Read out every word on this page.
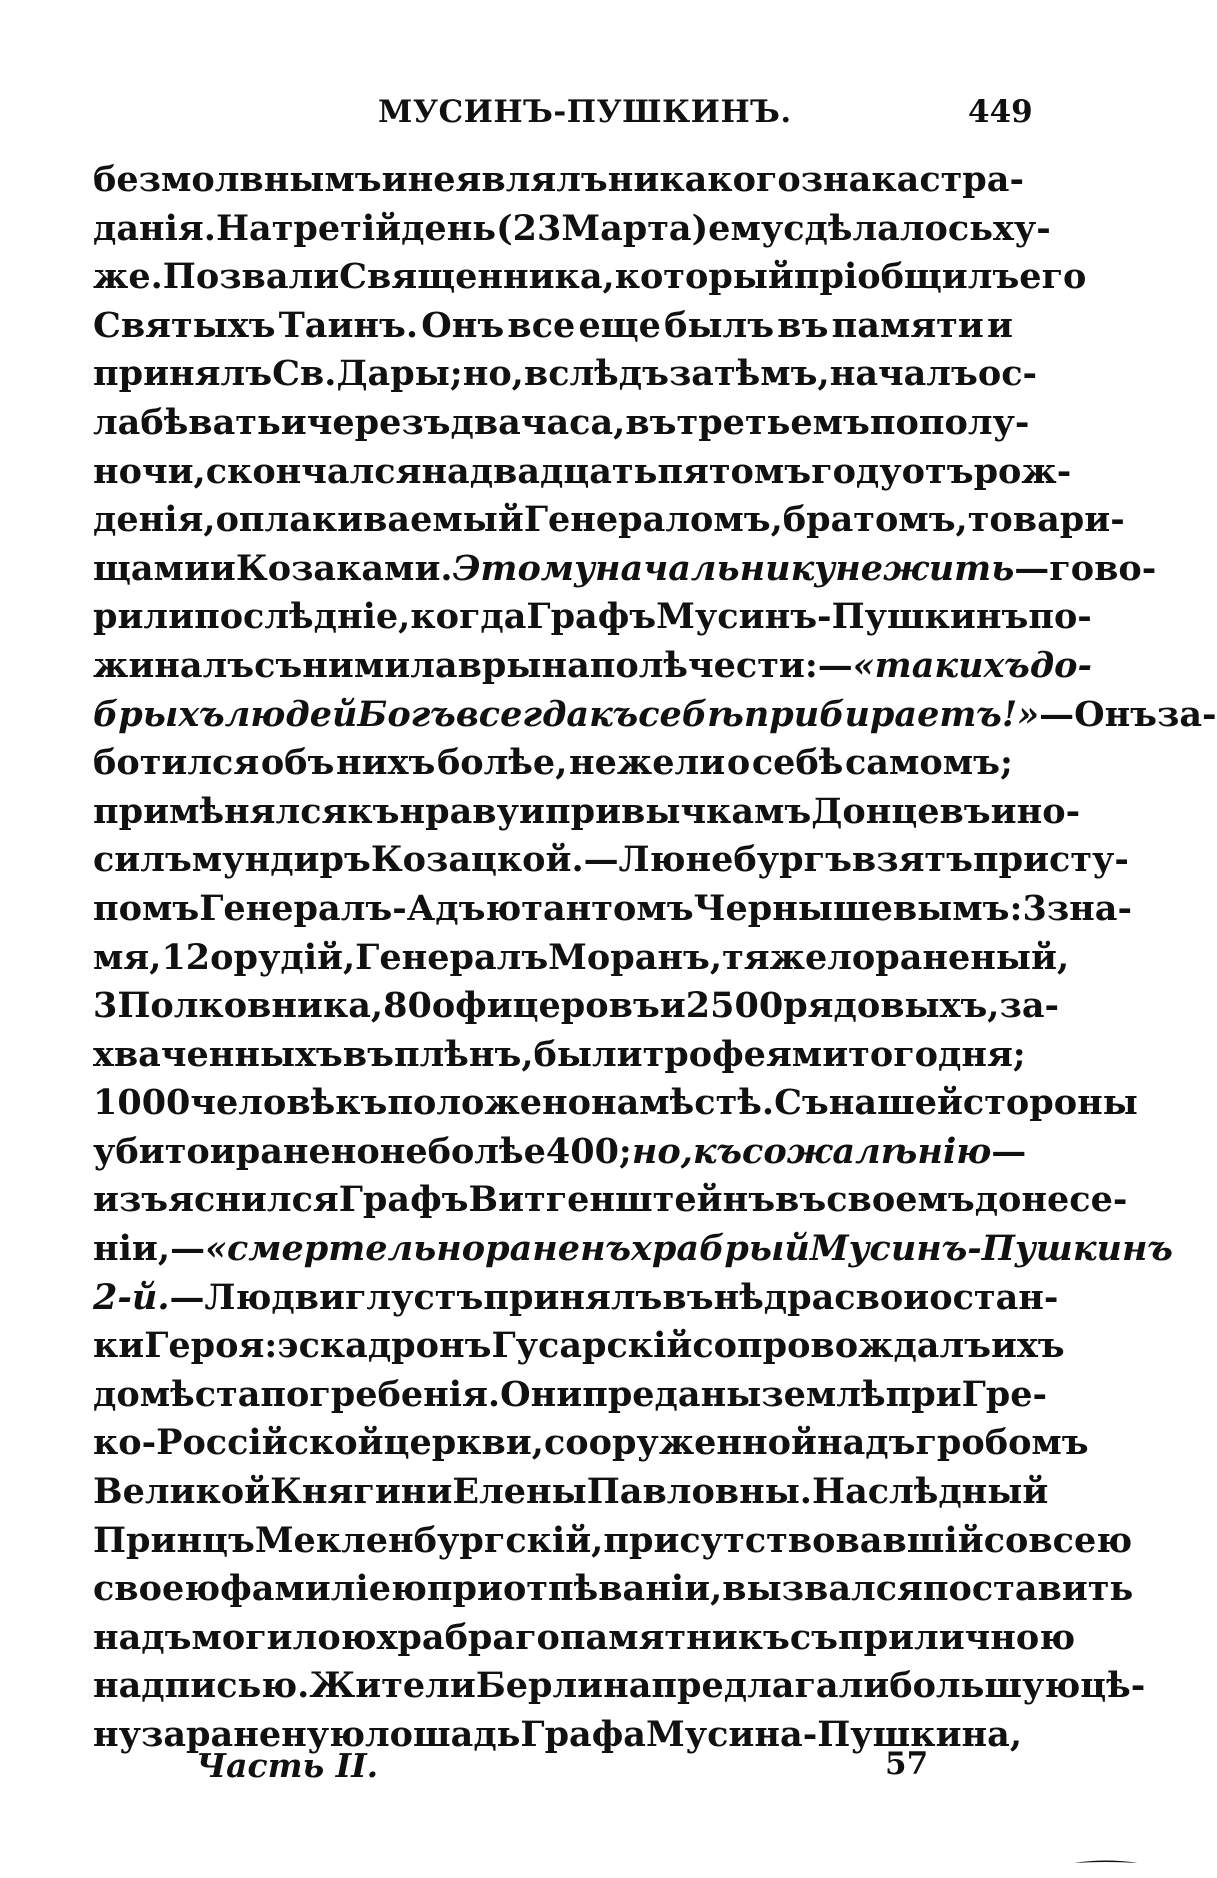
МУСИНЪ-ПУШКИНЪ.	449
безмолвнымъ и не являлъ никакого знака стра-
данія. На третій день (23 Марта) ему сдѣлалось ху-
же. Позвали Священника, который пріобщилъ его
Святыхъ Таинъ. Онъ все еще былъ въ памяти и
принялъ Св. Дары; но, вслѣдъ за тѣмъ, началъ ос-
лабѣвать и черезъ два часа, въ третьемъ по полу-
ночи, скончался на двадцать пятомъ году отъ рож-
денія, оплакиваемый Генераломъ, братомъ, товари-
щами и Козаками. Этому начальнику не жить — гово-
рили послѣдніе, когда Графъ Мусинъ-Пушкинъ по-
жиналъ съ ними лавры на полѣ чести: — «такихъ до-
брыхъ людей Богъ всегда къ себѣ прибираетъ!» — Онъ за-
ботился объ нихъ болѣе, нежели о себѣ самомъ;
примѣнялся къ нраву и привычкамъ Донцевъ и но-
силъ мундиръ Козацкой. — Люнебургъ взятъ присту-
помъ Генералъ-Адъютантомъ Чернышевымъ: 3 зна-
мя, 12 орудій, Генералъ Моранъ, тяжело раненый,
3 Полковника, 80 офицеровъ и 2500 рядовыхъ, за-
хваченныхъ въ плѣнъ, были трофеями того дня;
1000 человѣкъ положено на мѣстѣ. Съ нашей стороны
убито и ранено не болѣе 400; но, къ сожалѣнію —
изъяснился Графъ Витгенштейнъ въ своемъ донесе-
ніи, — «смертельно раненъ храбрый Мусинъ-Пушкинъ
2-й. — Людвиглустъ принялъ въ нѣдра свои остан-
ки Героя: эскадронъ Гусарскій сопровождалъ ихъ
до мѣста погребенія. Они преданы землѣ при Гре-
ко-Россійской церкви, сооруженной надъ гробомъ
Великой Княгини Елены Павловны. Наслѣдный
Принцъ Мекленбургскій, присутствовавшій со всею
своею фамиліею при отпѣваніи, вызвался поставить
надъ могилою храбраго памятникъ съ приличною
надписью. Жители Берлина предлагали большую цѣ-
ну за раненую лошадь Графа Мусина - Пушкина,
Часть II.	57
